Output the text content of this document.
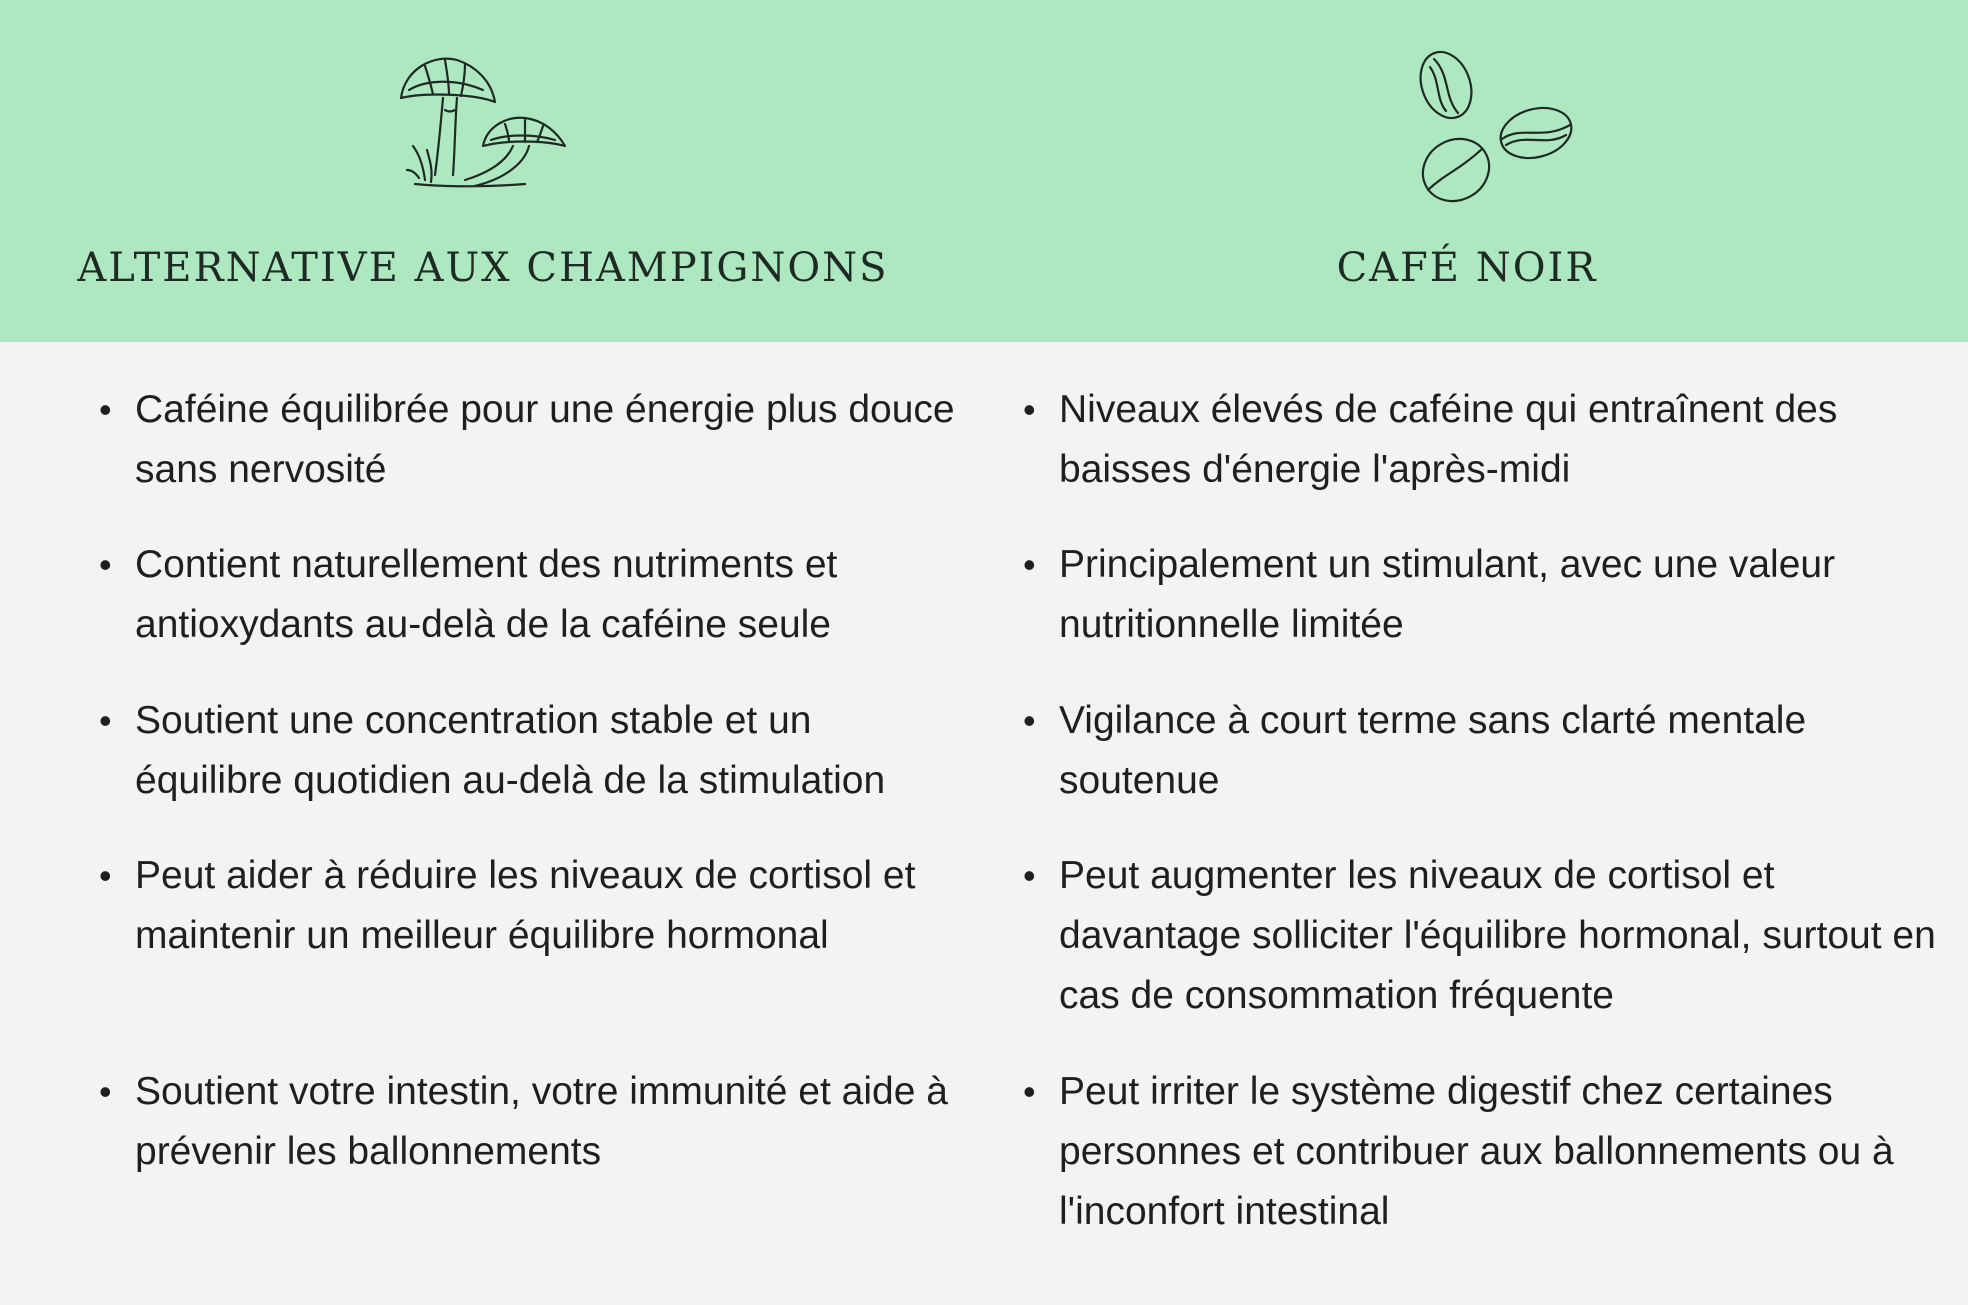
ALTERNATIVE AUX CHAMPIGNONS	CAFÉ NOIR
• Caféine équilibrée pour une énergie plus douce sans nervosité
• Contient naturellement des nutriments et antioxydants au-delà de la caféine seule
• Soutient une concentration stable et un équilibre quotidien au-delà de la stimulation
• Peut aider à réduire les niveaux de cortisol et maintenir un meilleur équilibre hormonal
• Soutient votre intestin, votre immunité et aide à prévenir les ballonnements
• Niveaux élevés de caféine qui entraînent des baisses d'énergie l'après-midi
• Principalement un stimulant, avec une valeur nutritionnelle limitée
• Vigilance à court terme sans clarté mentale soutenue
• Peut augmenter les niveaux de cortisol et davantage solliciter l'équilibre hormonal, surtout en cas de consommation fréquente
• Peut irriter le système digestif chez certaines personnes et contribuer aux ballonnements ou à l'inconfort intestinal
